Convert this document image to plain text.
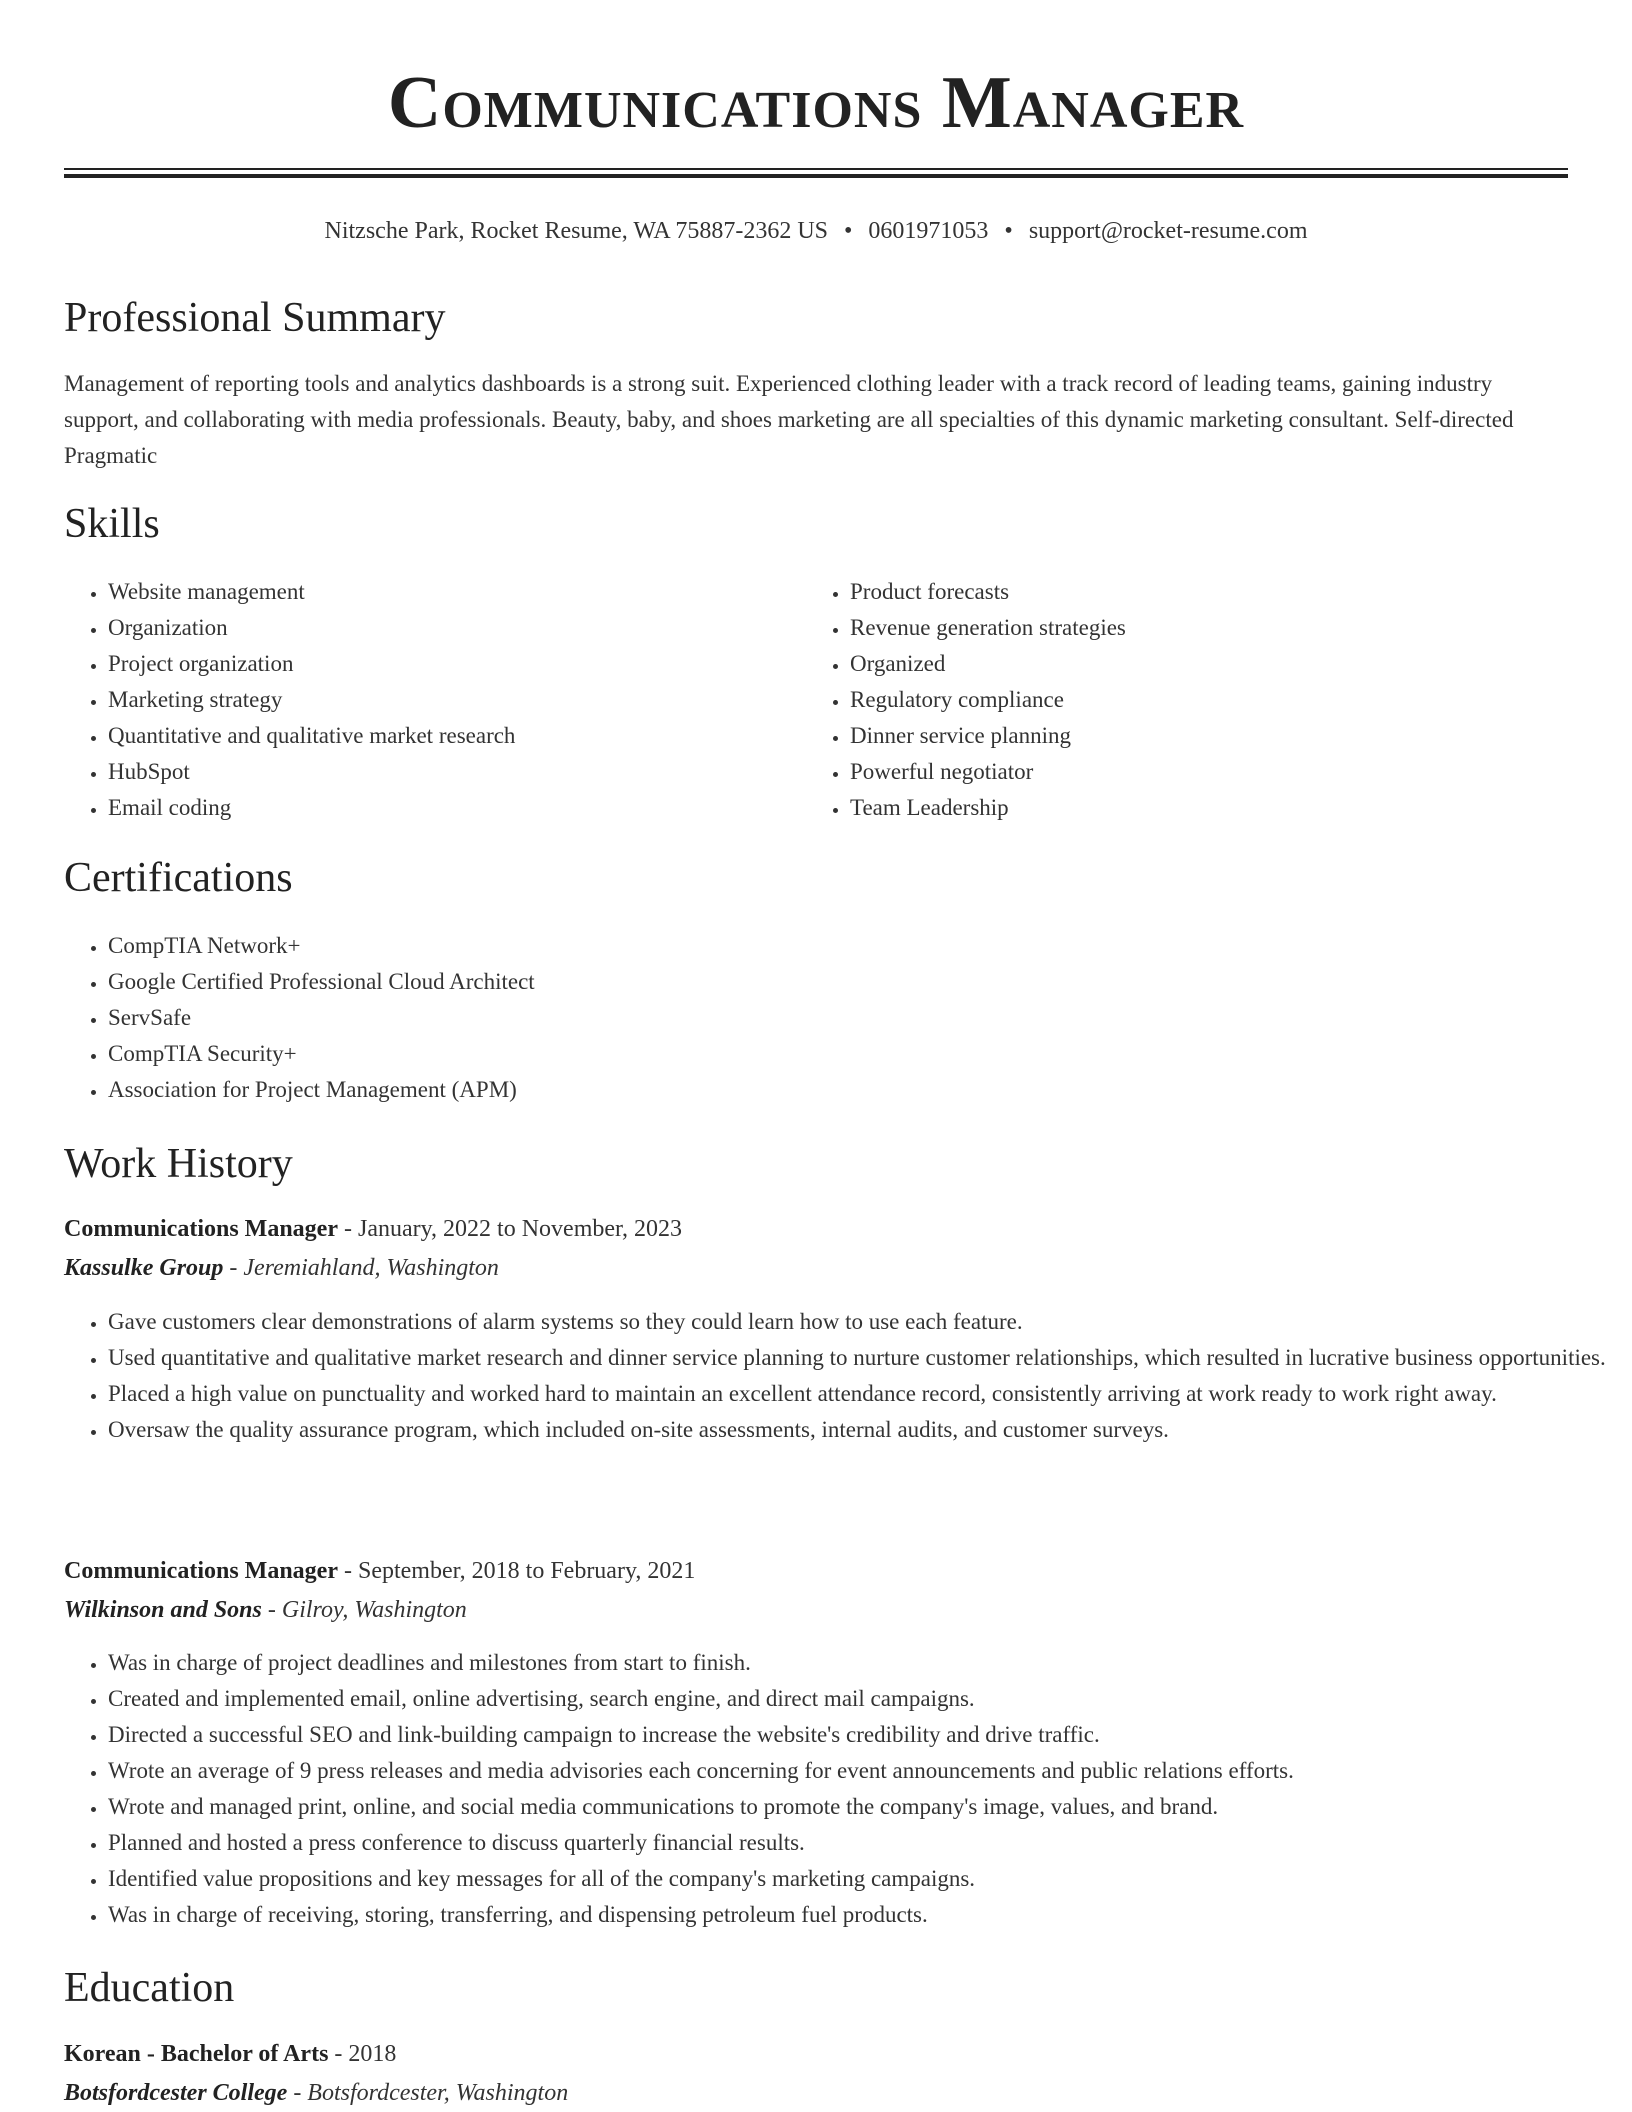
Communications Manager
Nitzsche Park, Rocket Resume, WA 75887-2362 US • 0601971053 • support@rocket-resume.com
Professional Summary

Management of reporting tools and analytics dashboards is a strong suit. Experienced clothing leader with a track record of leading teams, gaining industry support, and collaborating with media professionals. Beauty, baby, and shoes marketing are all specialties of this dynamic marketing consultant. Self-directed Pragmatic

Skills
• Website management
• Organization
• Project organization
• Marketing strategy
• Quantitative and qualitative market research
• HubSpot
• Email coding
• Product forecasts
• Revenue generation strategies
• Organized
• Regulatory compliance
• Dinner service planning
• Powerful negotiator
• Team Leadership
Certifications
• CompTIA Network+
• Google Certified Professional Cloud Architect
• ServSafe
• CompTIA Security+
• Association for Project Management (APM)
Work History
Communications Manager - January, 2022 to November, 2023
Kassulke Group - Jeremiahland, Washington
• Gave customers clear demonstrations of alarm systems so they could learn how to use each feature.
• Used quantitative and qualitative market research and dinner service planning to nurture customer relationships, which resulted in lucrative business opportunities.
• Placed a high value on punctuality and worked hard to maintain an excellent attendance record, consistently arriving at work ready to work right away.
• Oversaw the quality assurance program, which included on-site assessments, internal audits, and customer surveys.
Communications Manager - September, 2018 to February, 2021
Wilkinson and Sons - Gilroy, Washington
• Was in charge of project deadlines and milestones from start to finish.
• Created and implemented email, online advertising, search engine, and direct mail campaigns.
• Directed a successful SEO and link-building campaign to increase the website's credibility and drive traffic.
• Wrote an average of 9 press releases and media advisories each concerning for event announcements and public relations efforts.
• Wrote and managed print, online, and social media communications to promote the company's image, values, and brand.
• Planned and hosted a press conference to discuss quarterly financial results.
• Identified value propositions and key messages for all of the company's marketing campaigns.
• Was in charge of receiving, storing, transferring, and dispensing petroleum fuel products.
Education
Korean - Bachelor of Arts - 2018
Botsfordcester College - Botsfordcester, Washington
